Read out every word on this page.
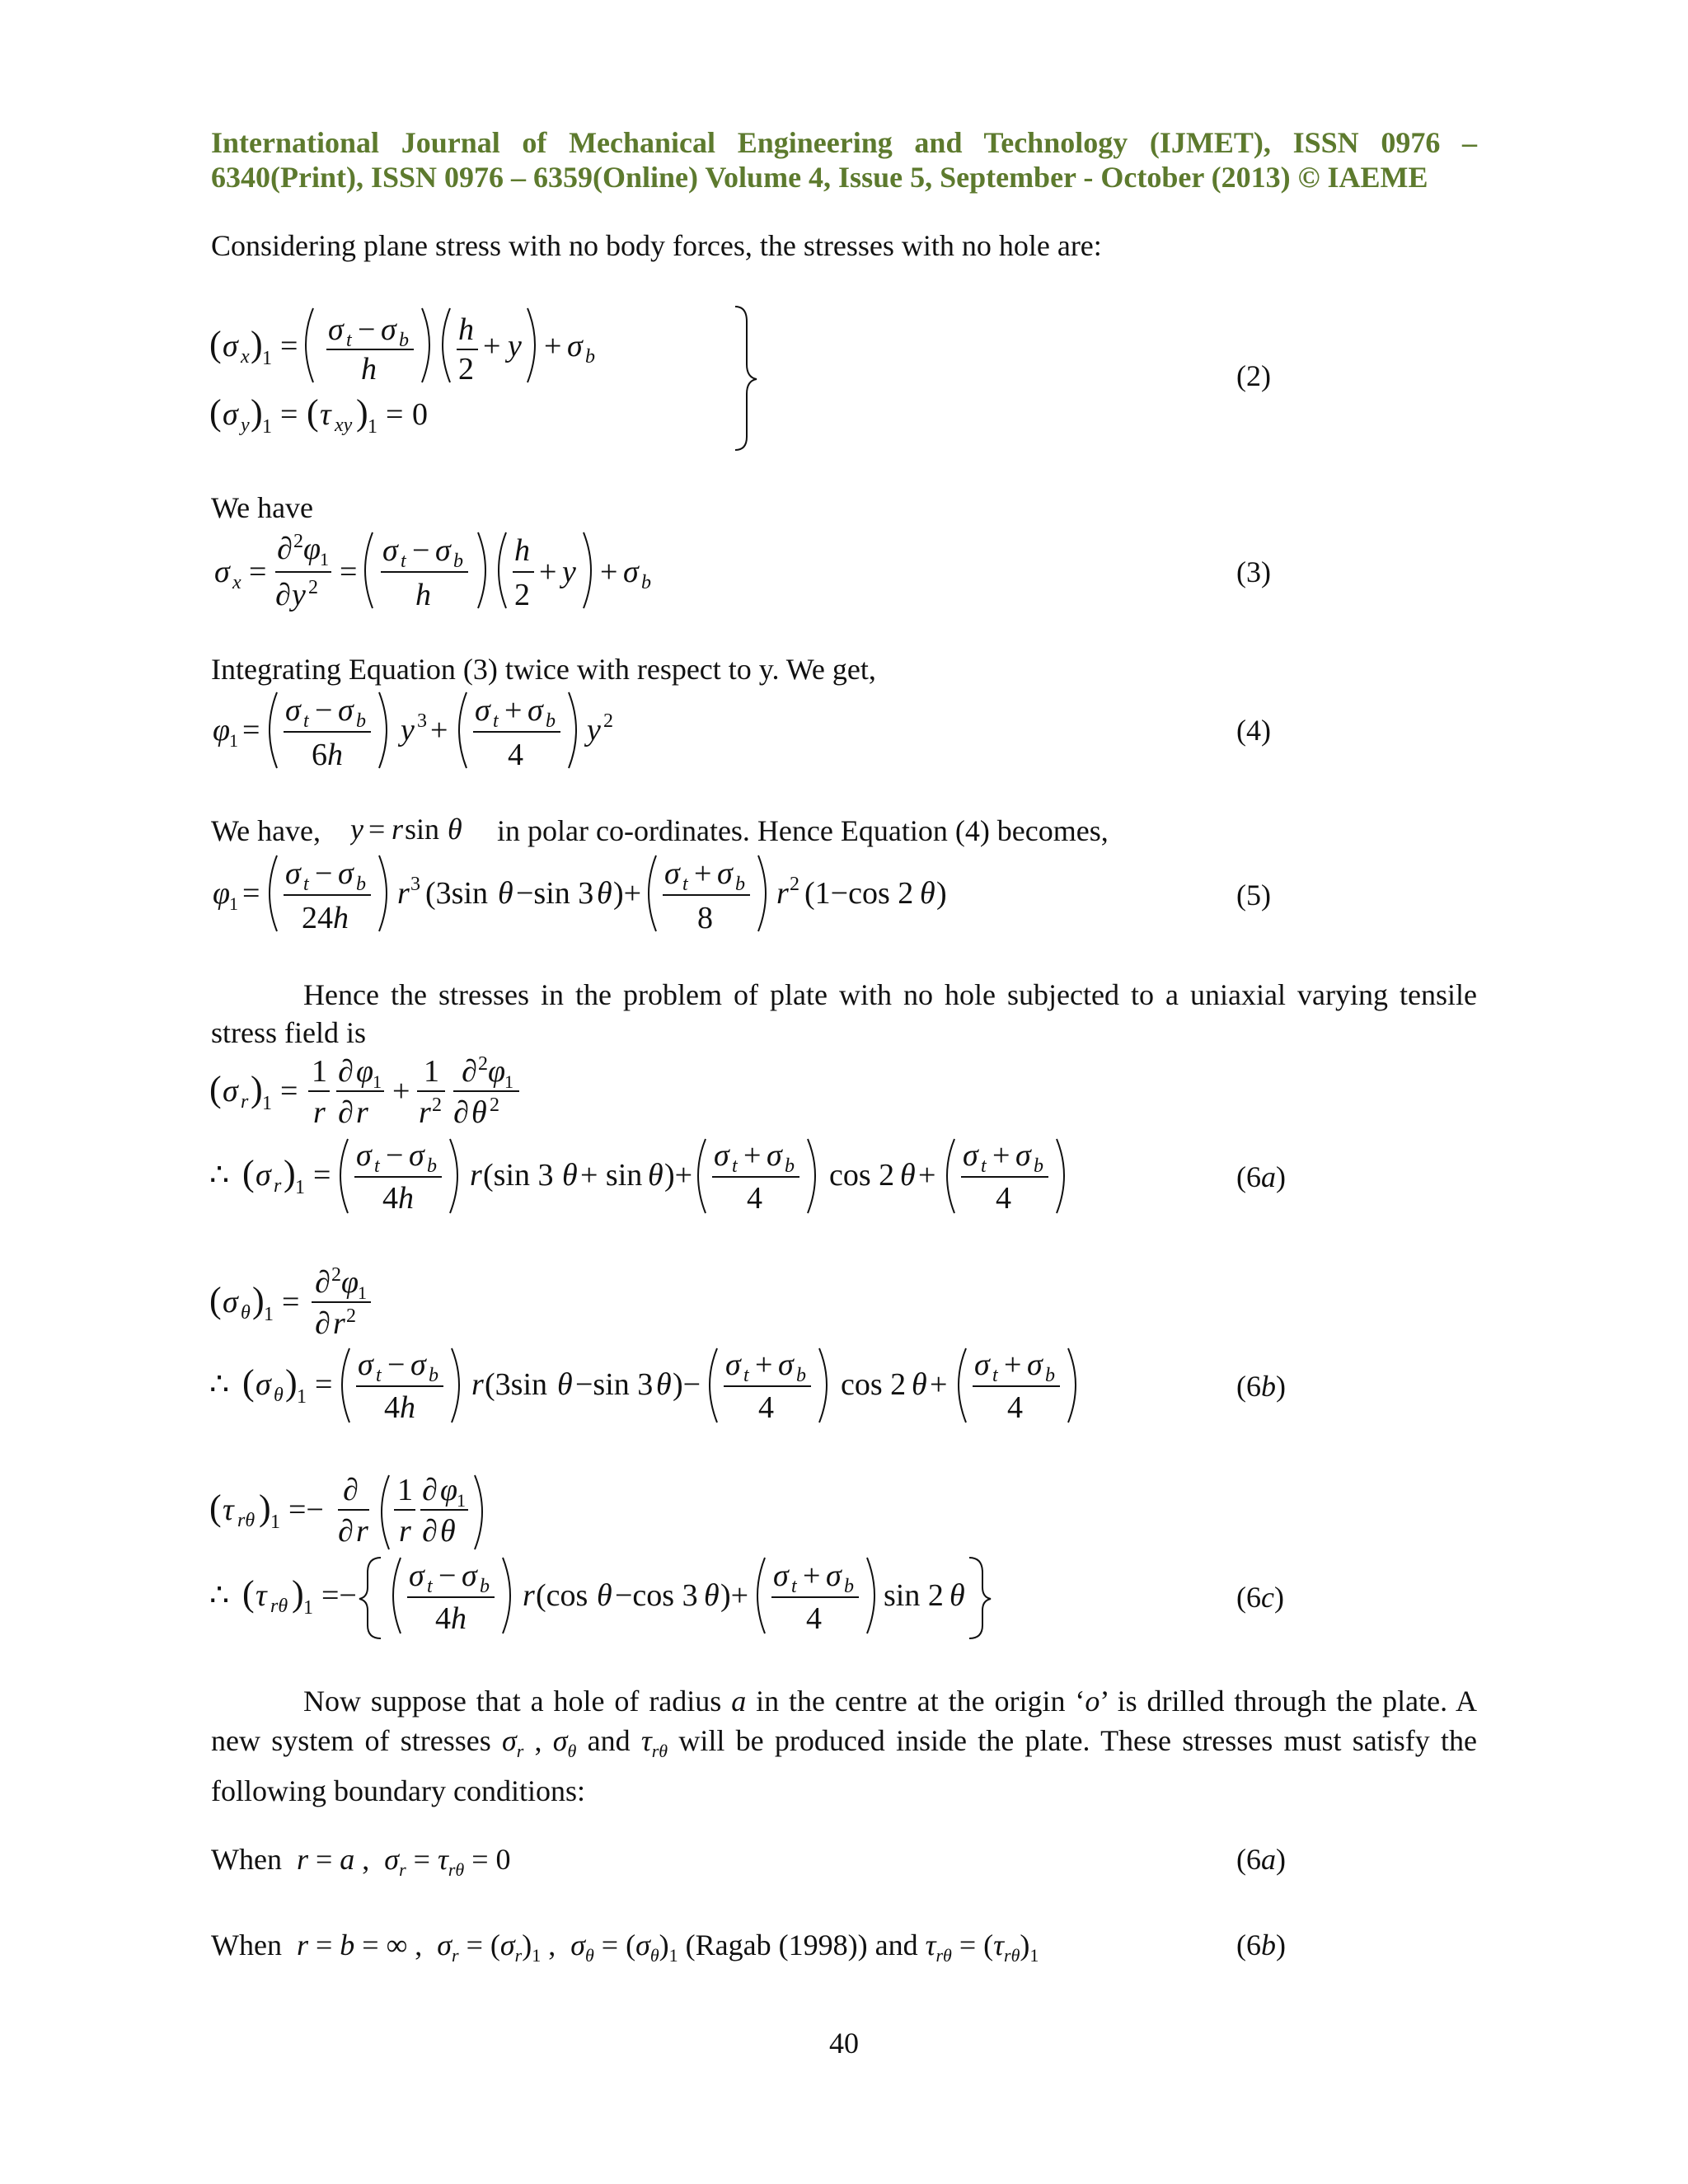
International Journal of Mechanical Engineering and Technology (IJMET), ISSN 0976 –
6340(Print), ISSN 0976 – 6359(Online) Volume 4, Issue 5, September - October (2013) © IAEME
Considering plane stress with no body forces, the stresses with no hole are:
( σ x ) 1 = σ t − σ b
h
h
2
+ y + σ b
( σ y ) 1 = ( τ xy ) 1 = 0
(2)
We have
σ x =
∂ 2 φ
1
∂ y 2 =
σ t − σ b
h
h
2
+ y + σ b	(3)
Integrating Equation (3) twice with respect to y. We get,
φ
1 =
σ t − σ b
6h
y 3 +
σ t + σ b
4
y 2	(4)
We have, y = r sin θ in polar co-ordinates. Hence Equation (4) becomes,
φ
1 =
σ t − σ b
24h
r 3 (3sin θ −sin 3 θ )+
σ t + σ b
8
r 2 (1−cos 2 θ )	(5)
Hence the stresses in the problem of plate with no hole subjected to a uniaxial varying tensile stress field is
( σ r ) 1 =
1
r
∂ φ
1
∂ r
+
1
r 2
∂ 2 φ
1
∂ θ 2
∴ ( σ r ) 1 =
σ t − σ b
4h
r (sin 3 θ + sin θ )+
σ t + σ b
4
cos 2 θ +
σ t + σ b
4
(6a)
( σ θ ) 1 =
∂ 2 φ
1
∂ r 2
∴ ( σ θ ) 1 =
σ t − σ b
4h
r (3sin θ −sin 3 θ )−
σ t + σ b
4
cos 2 θ +
σ t + σ b
4
(6b)
( τ rθ ) 1 =−
∂
∂ r
1
r
∂ φ
1
∂ θ
∴ ( τ rθ ) 1 =−
σ t − σ b
4h
r (cos θ −cos 3 θ )+
σ t + σ b
4
sin 2 θ	(6c)
Now suppose that a hole of radius a in the centre at the origin ‘o’ is drilled through the plate. A new system of stresses $\sigma_r$ , $\sigma_\theta$ and $\tau_{r\theta}$ will be produced inside the plate. These stresses must satisfy the following boundary conditions:
When r = a ,  $\sigma_r = \tau_{r\theta} = 0$	(6a)
When r = b = ∞ ,  $\sigma_r = (\sigma_r)_1$ ,  $\sigma_\theta = (\sigma_\theta)_1$ (Ragab (1998)) and $\tau_{r\theta} = (\tau_{r\theta})_1$	(6b)
40
